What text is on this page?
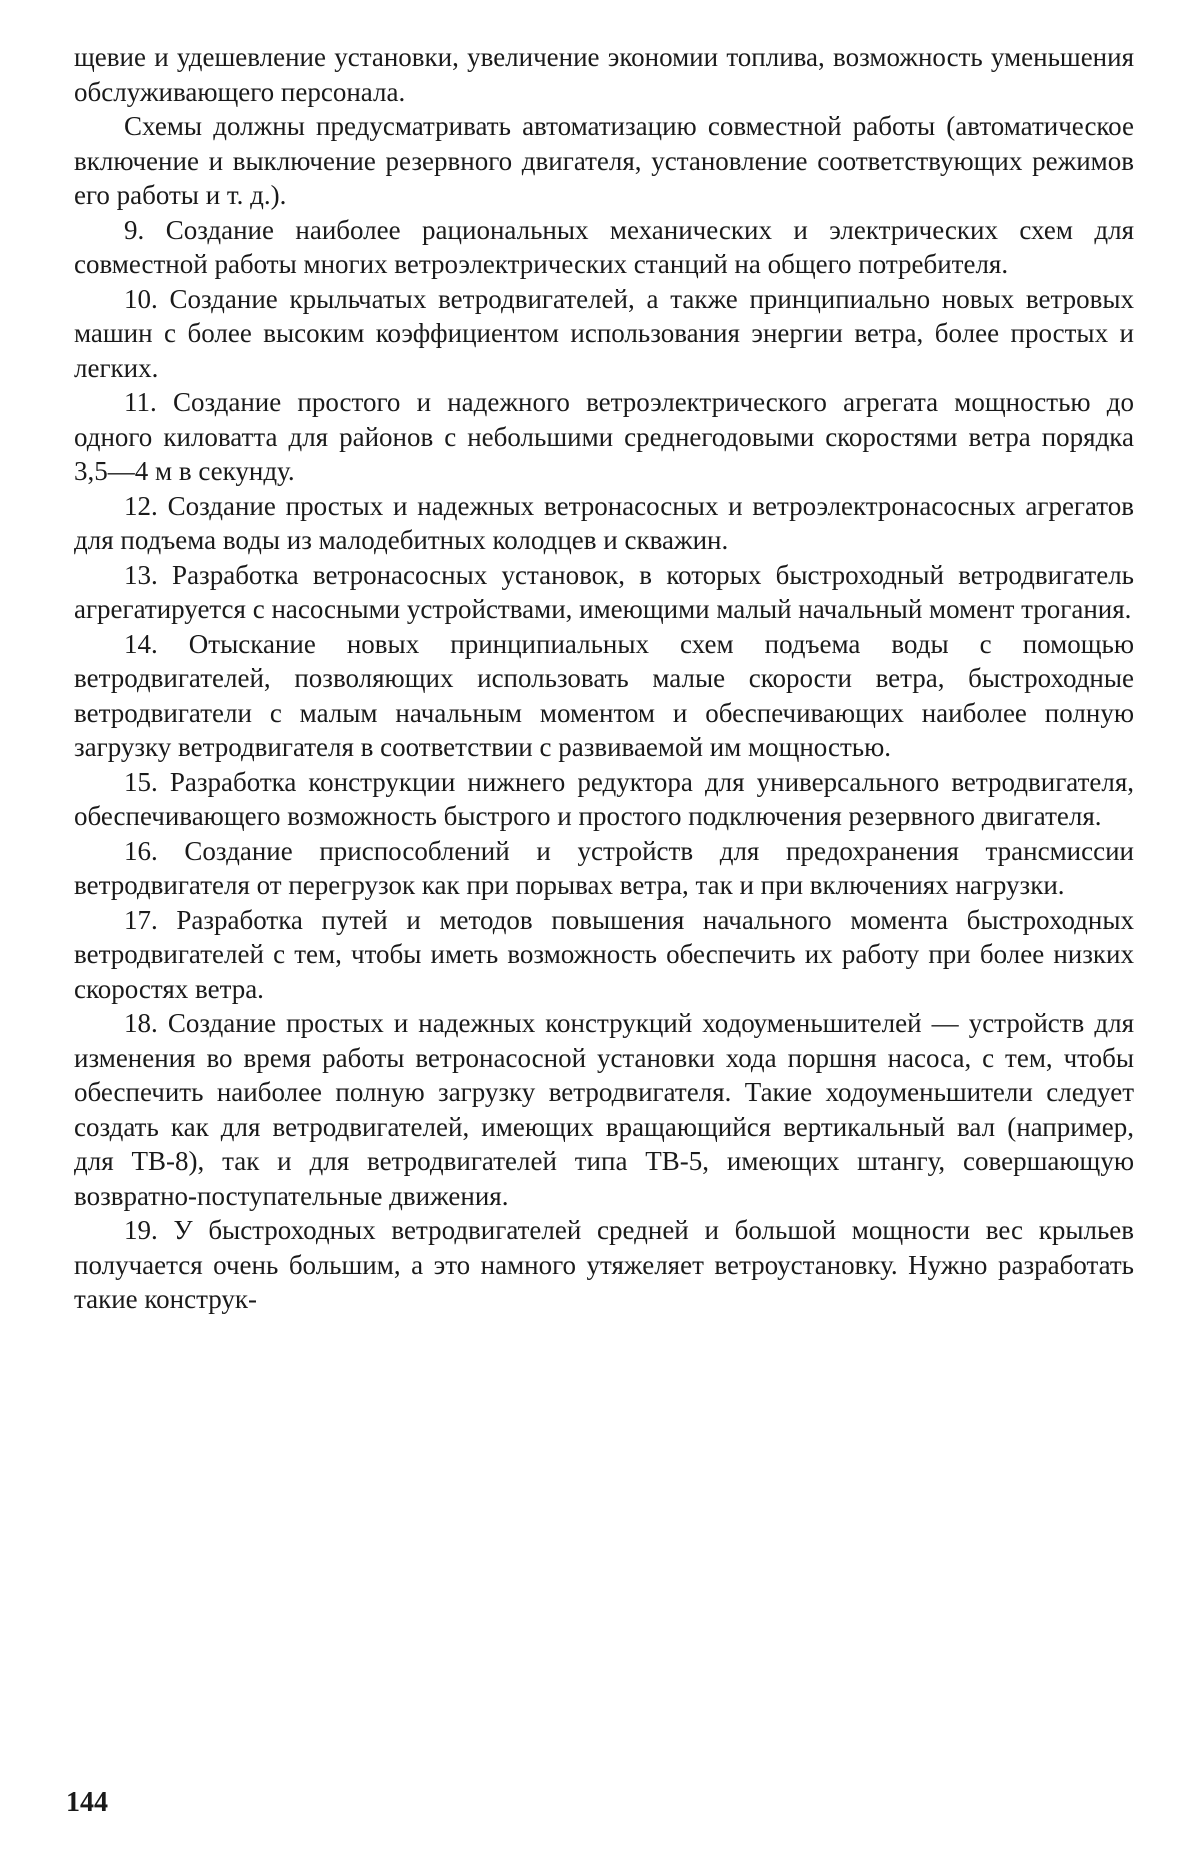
щевие и удешевление установки, увеличение экономии топлива, возможность уменьшения обслуживающего персонала.

Схемы должны предусматривать автоматизацию совместной работы (автоматическое включение и выключение резервного двигателя, установление соответствующих режимов его работы и т. д.).

9. Создание наиболее рациональных механических и электрических схем для совместной работы многих ветроэлектрических станций на общего потребителя.

10. Создание крыльчатых ветродвигателей, а также принципиально новых ветровых машин с более высоким коэффициентом использования энергии ветра, более простых и легких.

11. Создание простого и надежного ветроэлектрического агрегата мощностью до одного киловатта для районов с небольшими среднегодовыми скоростями ветра порядка 3,5—4 м в секунду.

12. Создание простых и надежных ветронасосных и ветроэлектронасосных агрегатов для подъема воды из малодебитных колодцев и скважин.

13. Разработка ветронасосных установок, в которых быстроходный ветродвигатель агрегатируется с насосными устройствами, имеющими малый начальный момент трогания.

14. Отыскание новых принципиальных схем подъема воды с помощью ветродвигателей, позволяющих использовать малые скорости ветра, быстроходные ветродвигатели с малым начальным моментом и обеспечивающих наиболее полную загрузку ветродвигателя в соответствии с развиваемой им мощностью.

15. Разработка конструкции нижнего редуктора для универсального ветродвигателя, обеспечивающего возможность быстрого и простого подключения резервного двигателя.

16. Создание приспособлений и устройств для предохранения трансмиссии ветродвигателя от перегрузок как при порывах ветра, так и при включениях нагрузки.

17. Разработка путей и методов повышения начального момента быстроходных ветродвигателей с тем, чтобы иметь возможность обеспечить их работу при более низких скоростях ветра.

18. Создание простых и надежных конструкций ходоуменьшителей — устройств для изменения во время работы ветронасосной установки хода поршня насоса, с тем, чтобы обеспечить наиболее полную загрузку ветродвигателя. Такие ходоуменьшители следует создать как для ветродвигателей, имеющих вращающийся вертикальный вал (например, для ТВ-8), так и для ветродвигателей типа ТВ-5, имеющих штангу, совершающую возвратно-поступательные движения.

19. У быстроходных ветродвигателей средней и большой мощности вес крыльев получается очень большим, а это намного утяжеляет ветроустановку. Нужно разработать такие конструк-

144
